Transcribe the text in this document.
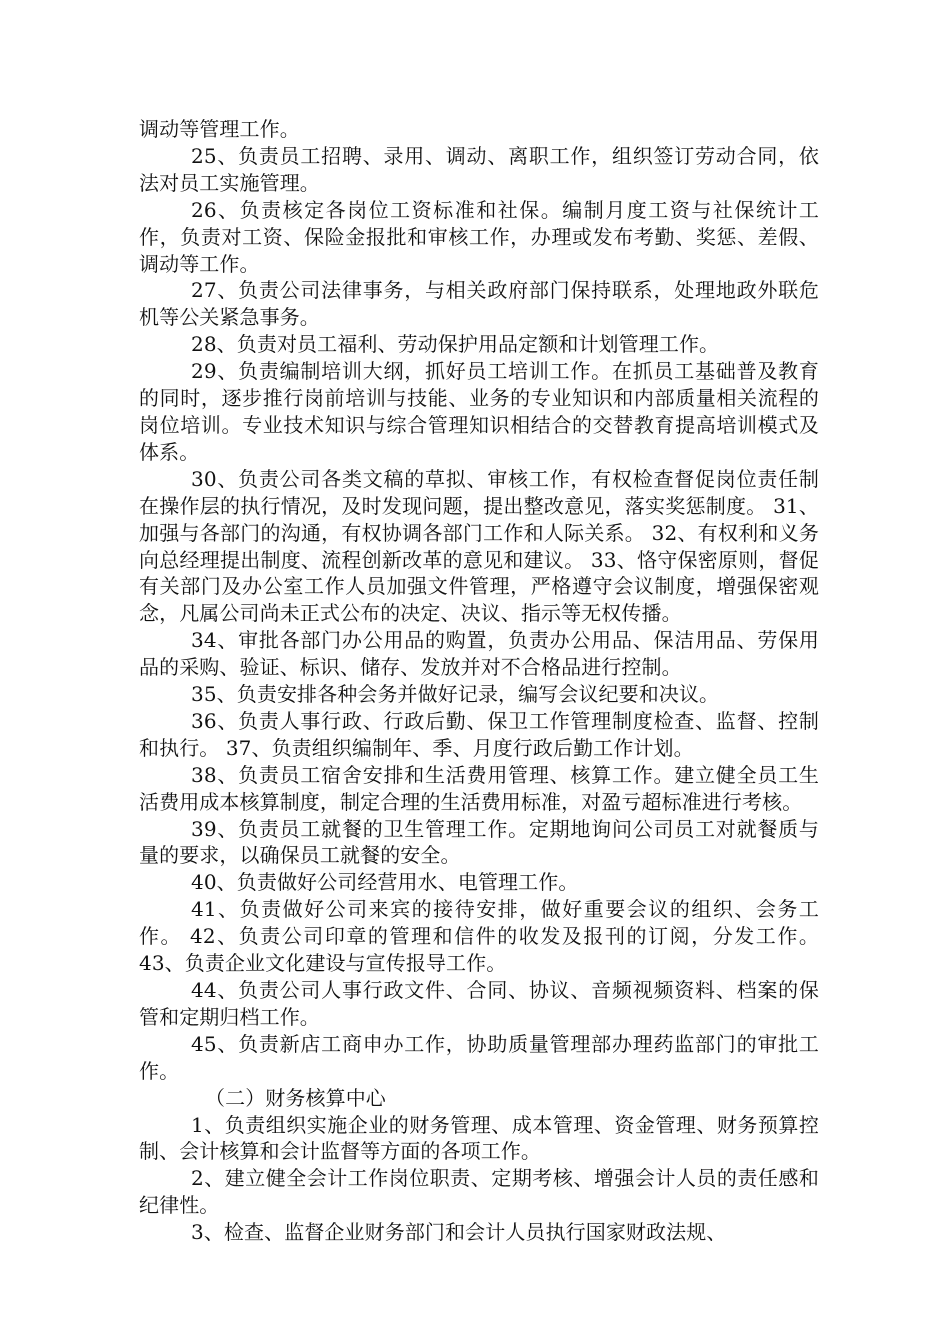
调动等管理工作。

25、负责员工招聘、录用、调动、离职工作，组织签订劳动合同，依法对员工实施管理。

26、负责核定各岗位工资标准和社保。编制月度工资与社保统计工作，负责对工资、保险金报批和审核工作，办理或发布考勤、奖惩、差假、调动等工作。

27、负责公司法律事务，与相关政府部门保持联系，处理地政外联危机等公关紧急事务。

28、负责对员工福利、劳动保护用品定额和计划管理工作。

29、负责编制培训大纲，抓好员工培训工作。在抓员工基础普及教育的同时，逐步推行岗前培训与技能、业务的专业知识和内部质量相关流程的岗位培训。专业技术知识与综合管理知识相结合的交替教育提高培训模式及体系。

30、负责公司各类文稿的草拟、审核工作，有权检查督促岗位责任制在操作层的执行情况，及时发现问题，提出整改意见，落实奖惩制度。 31、加强与各部门的沟通，有权协调各部门工作和人际关系。 32、有权利和义务向总经理提出制度、流程创新改革的意见和建议。 33、恪守保密原则，督促有关部门及办公室工作人员加强文件管理，严格遵守会议制度，增强保密观念，凡属公司尚未正式公布的决定、决议、指示等无权传播。

34、审批各部门办公用品的购置，负责办公用品、保洁用品、劳保用品的采购、验证、标识、储存、发放并对不合格品进行控制。

35、负责安排各种会务并做好记录，编写会议纪要和决议。

36、负责人事行政、行政后勤、保卫工作管理制度检查、监督、控制和执行。 37、负责组织编制年、季、月度行政后勤工作计划。

38、负责员工宿舍安排和生活费用管理、核算工作。建立健全员工生活费用成本核算制度，制定合理的生活费用标准，对盈亏超标准进行考核。

39、负责员工就餐的卫生管理工作。定期地询问公司员工对就餐质与量的要求，以确保员工就餐的安全。

40、负责做好公司经营用水、电管理工作。

41、负责做好公司来宾的接待安排，做好重要会议的组织、会务工作。 42、负责公司印章的管理和信件的收发及报刊的订阅，分发工作。 43、负责企业文化建设与宣传报导工作。

44、负责公司人事行政文件、合同、协议、音频视频资料、档案的保管和定期归档工作。

45、负责新店工商申办工作，协助质量管理部办理药监部门的审批工作。

（二）财务核算中心

1、负责组织实施企业的财务管理、成本管理、资金管理、财务预算控制、会计核算和会计监督等方面的各项工作。

2、建立健全会计工作岗位职责、定期考核、增强会计人员的责任感和纪律性。

3、检查、监督企业财务部门和会计人员执行国家财政法规、
